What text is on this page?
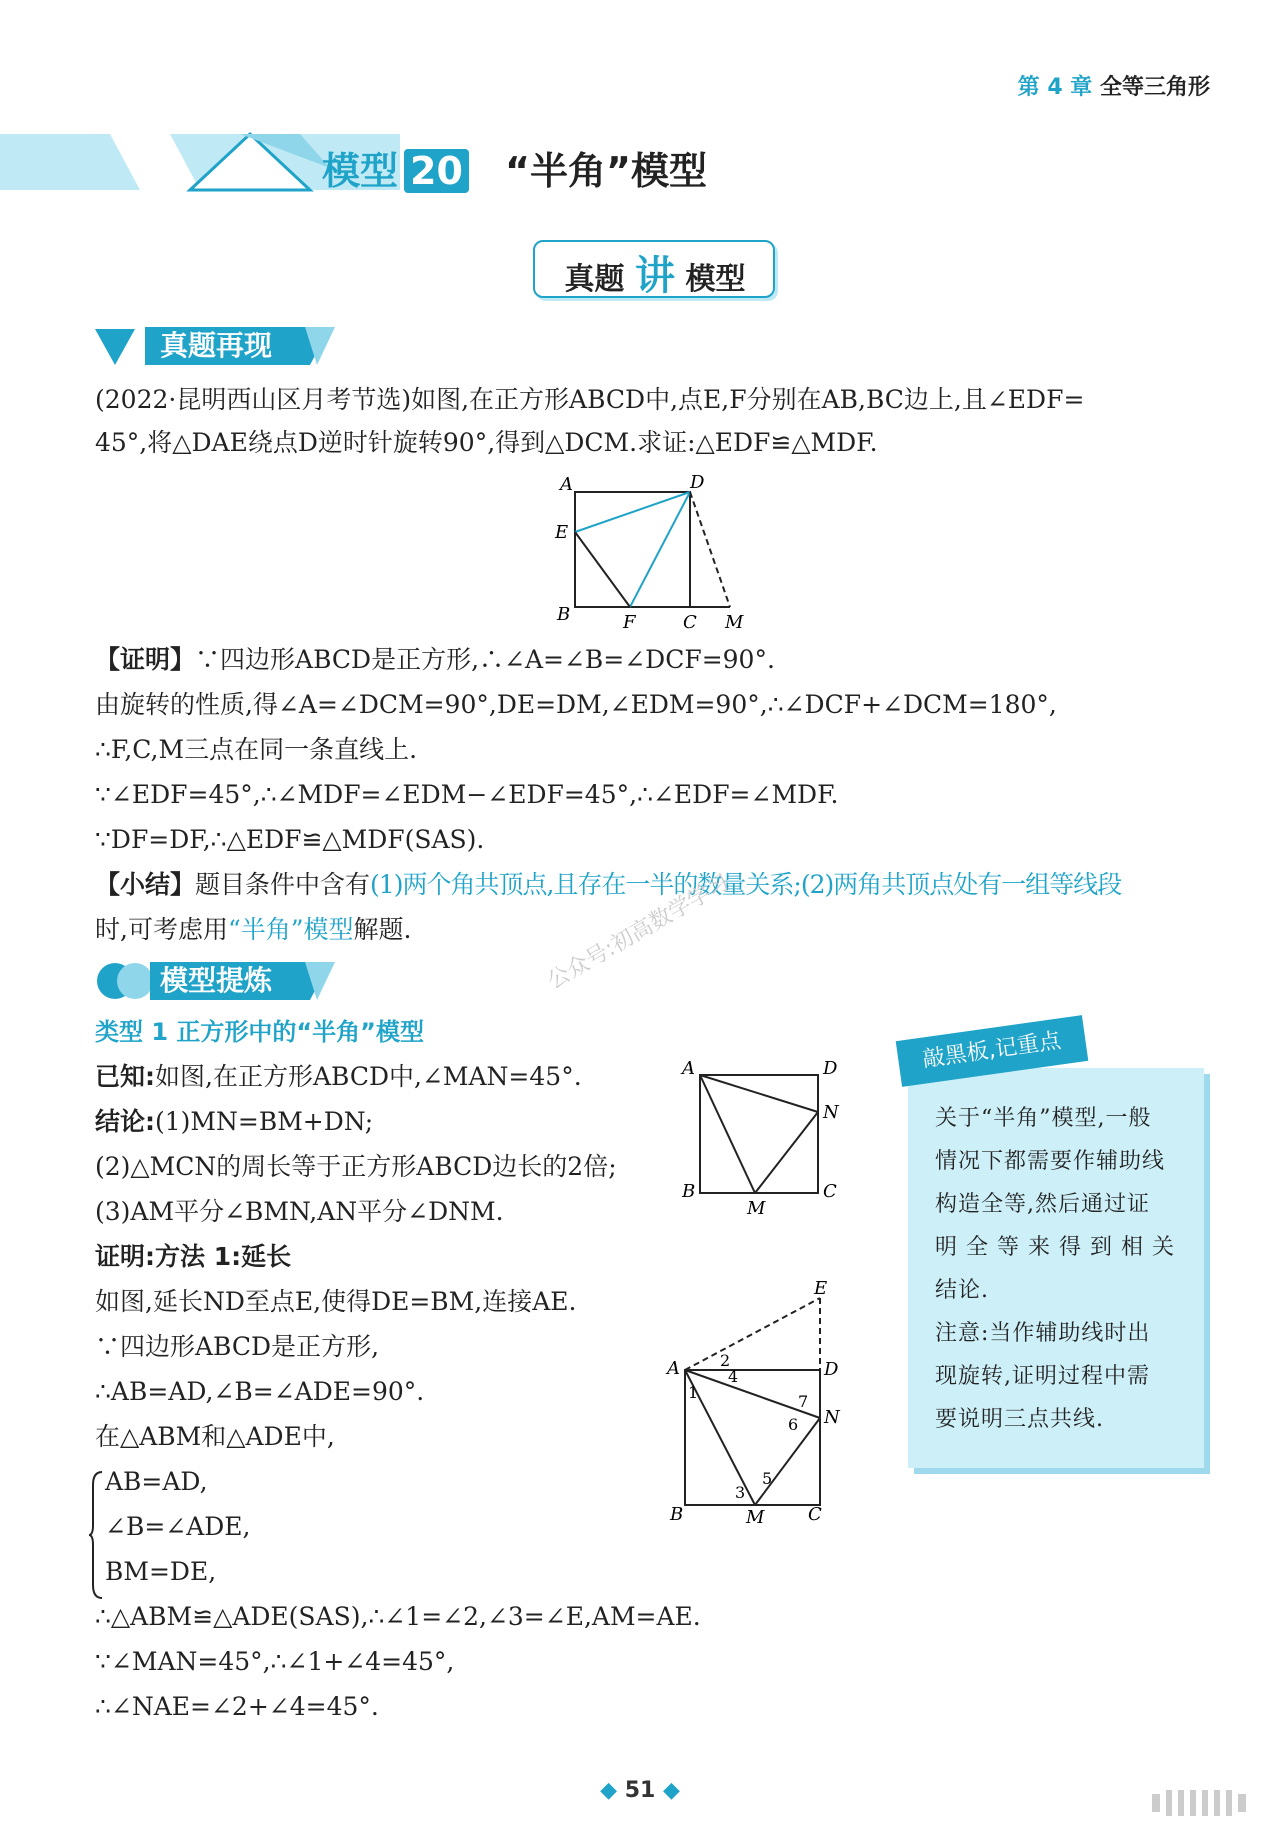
第 4 章 全等三角形
模型 20 “半角”模型
真题 讲 模型
真题再现
(2022·昆明西山区月考节选)如图,在正方形ABCD中,点E,F分别在AB,BC边上,且∠EDF=
45°,将△DAE绕点D逆时针旋转90°,得到△DCM.求证:△EDF≌△MDF.
A	D
E
B	F	C M
【证明】∵四边形ABCD是正方形,∴∠A=∠B=∠DCF=90°.
由旋转的性质,得∠A=∠DCM=90°,DE=DM,∠EDM=90°,∴∠DCF+∠DCM=180°,
∴F,C,M三点在同一条直线上.
∵∠EDF=45°,∴∠MDF=∠EDM−∠EDF=45°,∴∠EDF=∠MDF.
∵DF=DF,∴△EDF≌△MDF(SAS).
【小结】题目条件中含有(1)两个角共顶点,且存在一半的数量关系;(2)两角共顶点处有一组等线段
时,可考虑用“半角”模型解题.	公众号:初高数学学习
模型提炼
类型 1 正方形中的“半角”模型
已知:如图,在正方形ABCD中,∠MAN=45°.
结论:(1)MN=BM+DN;
(2)△MCN的周长等于正方形ABCD边长的2倍;
(3)AM平分∠BMN,AN平分∠DNM.
A	D
N
B
M
C
证明:方法 1:延长
如图,延长ND至点E,使得DE=BM,连接AE.
∵四边形ABCD是正方形,
∴AB=AD,∠B=∠ADE=90°.
在△ABM和△ADE中,
AB=AD,
∠B=∠ADE,
BM=DE,
∴△ABM≌△ADE(SAS),∴∠1=∠2,∠3=∠E,AM=AE.
∵∠MAN=45°,∴∠1+∠4=45°,
∴∠NAE=∠2+∠4=45°.
E
A	D
N
B	M C
1
2
3
4
5
6
7
敲黑板,记重点
关于“半角”模型,一般
情况下都需要作辅助线
构造全等,然后通过证
明全等来得到相关
结论.
注意:当作辅助线时出
现旋转,证明过程中需
要说明三点共线.
◆ 51 ◆
